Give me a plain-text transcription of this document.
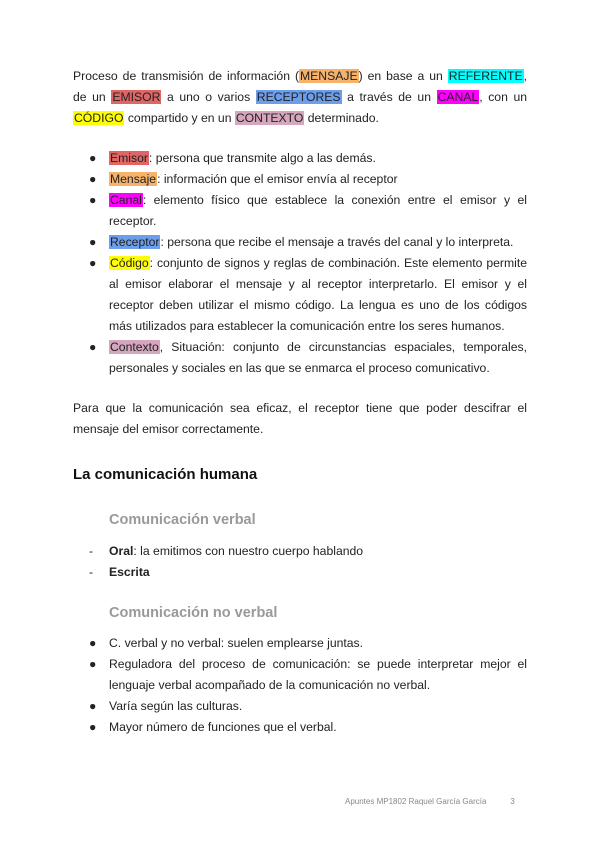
Proceso de transmisión de información (MENSAJE) en base a un REFERENTE, de un EMISOR a uno o varios RECEPTORES a través de un CANAL, con un CÓDIGO compartido y en un CONTEXTO determinado.

● Emisor: persona que transmite algo a las demás.
● Mensaje: información que el emisor envía al receptor
● Canal: elemento físico que establece la conexión entre el emisor y el receptor.
● Receptor: persona que recibe el mensaje a través del canal y lo interpreta.
● Código: conjunto de signos y reglas de combinación. Este elemento permite al emisor elaborar el mensaje y al receptor interpretarlo. El emisor y el receptor deben utilizar el mismo código. La lengua es uno de los códigos más utilizados para establecer la comunicación entre los seres humanos.
● Contexto, Situación: conjunto de circunstancias espaciales, temporales, personales y sociales en las que se enmarca el proceso comunicativo.

Para que la comunicación sea eficaz, el receptor tiene que poder descifrar el mensaje del emisor correctamente.

La comunicación humana
Comunicación verbal
- Oral: la emitimos con nuestro cuerpo hablando
- Escrita
Comunicación no verbal
● C. verbal y no verbal: suelen emplearse juntas.
● Reguladora del proceso de comunicación: se puede interpretar mejor el lenguaje verbal acompañado de la comunicación no verbal.
● Varía según las culturas.
● Mayor número de funciones que el verbal.
Apuntes MP1802 Raquel García García	3
